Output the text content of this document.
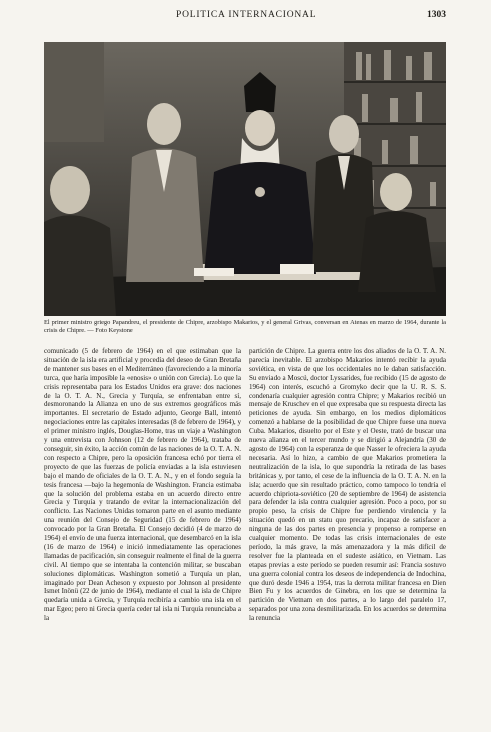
POLITICA INTERNACIONAL	1303
El primer ministro griego Papandreu, el presidente de Chipre, arzobispo Makarios, y el general Grivas, conversan en Atenas en marzo de 1964, durante la crisis de Chipre. — Foto Keystone
comunicado (5 de febrero de 1964) en el que estimaban que la situación de la isla era artificial y procedía del deseo de Gran Bretaña de mantener sus bases en el Mediterráneo (favoreciendo a la minoría turca, que haría imposible la «enosis» o unión con Grecia). Lo que la crisis representaba para los Estados Unidos era grave: dos naciones de la O. T. A. N., Grecia y Turquía, se enfrentaban entre sí, desmoronando la Alianza en uno de sus extremos geográficos más importantes. El secretario de Estado adjunto, George Ball, intentó negociaciones entre las capitales interesadas (8 de febrero de 1964), y el primer ministro inglés, Douglas-Home, tras un viaje a Washington y una entrevista con Johnson (12 de febrero de 1964), trataba de conseguir, sin éxito, la acción común de las naciones de la O. T. A. N. con respecto a Chipre, pero la oposición francesa echó por tierra el proyecto de que las fuerzas de policía enviadas a la isla estuviesen bajo el mando de oficiales de la O. T. A. N., y en el fondo seguía la tesis francesa —bajo la hegemonía de Washington. Francia estimaba que la solución del problema estaba en un acuerdo directo entre Grecia y Turquía y tratando de evitar la internacionalización del conflicto. Las Naciones Unidas tomaron parte en el asunto mediante una reunión del Consejo de Seguridad (15 de febrero de 1964) convocado por la Gran Bretaña. El Consejo decidió (4 de marzo de 1964) el envío de una fuerza internacional, que desembarcó en la isla (16 de marzo de 1964) e inició inmediatamente las operaciones llamadas de pacificación, sin conseguir realmente el final de la guerra civil. Al tiempo que se intentaba la contención militar, se buscaban soluciones diplomáticas. Washington sometió a Turquía un plan, imaginado por Dean Acheson y expuesto por Johnson al presidente Ismet Inönü (22 de junio de 1964), mediante el cual la isla de Chipre quedaría unida a Grecia, y Turquía recibiría a cambio una isla en el mar Egeo; pero ni Grecia quería ceder tal isla ni Turquía renunciaba a la
partición de Chipre. La guerra entre los dos aliados de la O. T. A. N. parecía inevitable. El arzobispo Makarios intentó recibir la ayuda soviética, en vista de que los occidentales no le daban satisfacción. Su enviado a Moscú, doctor Lyssarides, fue recibido (15 de agosto de 1964) con interés, escuchó a Gromyko decir que la U. R. S. S. condenaría cualquier agresión contra Chipre; y Makarios recibió un mensaje de Kruschev en el que expresaba que su respuesta directa las peticiones de ayuda. Sin embargo, en los medios diplomáticos comenzó a hablarse de la posibilidad de que Chipre fuese una nueva Cuba. Makarios, disuelto por el Este y el Oeste, trató de buscar una nueva alianza en el tercer mundo y se dirigió a Alejandría (30 de agosto de 1964) con la esperanza de que Nasser le ofreciera la ayuda necesaria. Así lo hizo, a cambio de que Makarios prometiera la neutralización de la isla, lo que supondría la retirada de las bases británicas y, por tanto, el cese de la influencia de la O. T. A. N. en la isla; acuerdo que sin resultado práctico, como tampoco lo tendría el acuerdo chipriota-soviético (20 de septiembre de 1964) de asistencia para defender la isla contra cualquier agresión. Poco a poco, por su propio peso, la crisis de Chipre fue perdiendo virulencia y la situación quedó en un statu quo precario, incapaz de satisfacer a ninguna de las dos partes en presencia y propenso a romperse en cualquier momento. De todas las crisis internacionales de este período, la más grave, la más amenazadora y la más difícil de resolver fue la planteada en el sudeste asiático, en Vietnam. Las etapas previas a este período se pueden resumir así: Francia sostuvo una guerra colonial contra los deseos de independencia de Indochina, que duró desde 1946 a 1954, tras la derrota militar francesa en Dien Bien Fu y los acuerdos de Ginebra, en los que se determina la partición de Vietnam en dos partes, a lo largo del paralelo 17, separados por una zona desmilitarizada. En los acuerdos se determina la renuncia
